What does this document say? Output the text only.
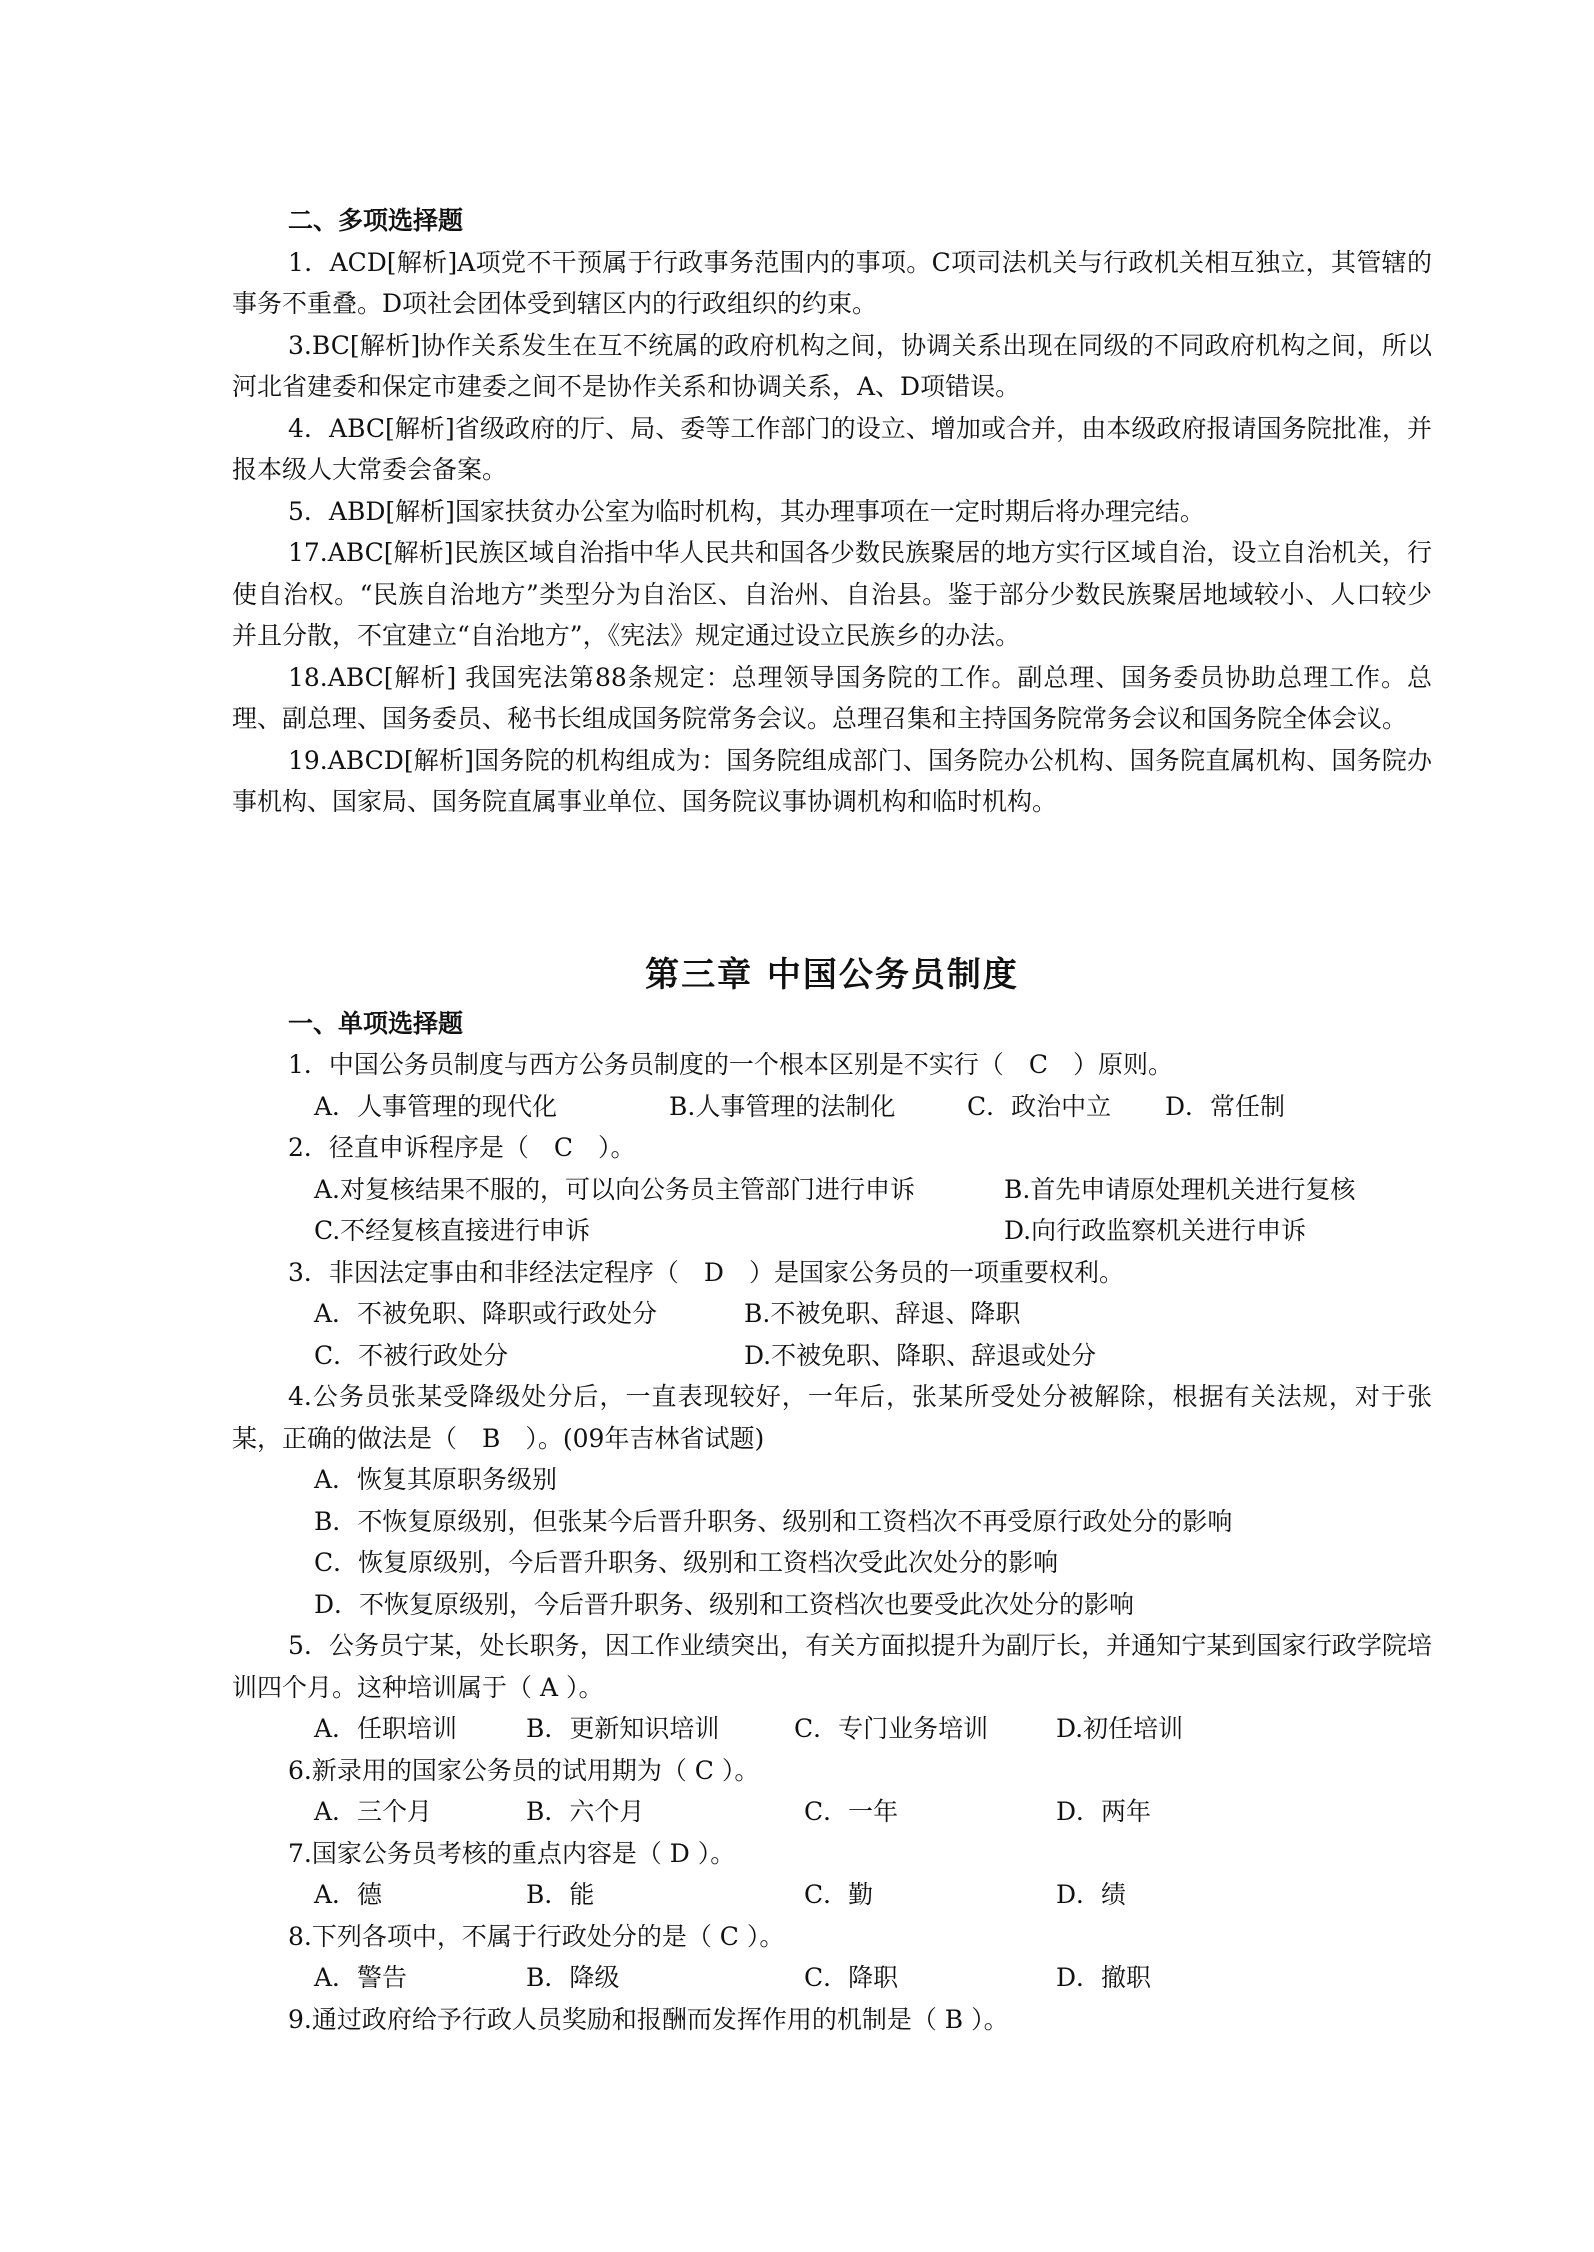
二、多项选择题
1．ACD[解析]A项党不干预属于行政事务范围内的事项。C项司法机关与行政机关相互独立，其管辖的事务不重叠。D项社会团体受到辖区内的行政组织的约束。
3.BC[解析]协作关系发生在互不统属的政府机构之间，协调关系出现在同级的不同政府机构之间，所以河北省建委和保定市建委之间不是协作关系和协调关系，A、D项错误。
4．ABC[解析]省级政府的厅、局、委等工作部门的设立、增加或合并，由本级政府报请国务院批准，并报本级人大常委会备案。
5．ABD[解析]国家扶贫办公室为临时机构，其办理事项在一定时期后将办理完结。
17.ABC[解析]民族区域自治指中华人民共和国各少数民族聚居的地方实行区域自治，设立自治机关，行使自治权。“民族自治地方”类型分为自治区、自治州、自治县。鉴于部分少数民族聚居地域较小、人口较少并且分散，不宜建立“自治地方”，《宪法》规定通过设立民族乡的办法。
18.ABC[解析] 我国宪法第88条规定：总理领导国务院的工作。副总理、国务委员协助总理工作。总理、副总理、国务委员、秘书长组成国务院常务会议。总理召集和主持国务院常务会议和国务院全体会议。
19.ABCD[解析]国务院的机构组成为：国务院组成部门、国务院办公机构、国务院直属机构、国务院办事机构、国家局、国务院直属事业单位、国务院议事协调机构和临时机构。
第三章 中国公务员制度
一、单项选择题
1．中国公务员制度与西方公务员制度的一个根本区别是不实行（　C　）原则。
A．人事管理的现代化	B.人事管理的法制化	C．政治中立	D．常任制
2．径直申诉程序是（　C　）。
A.对复核结果不服的，可以向公务员主管部门进行申诉	B.首先申请原处理机关进行复核
C.不经复核直接进行申诉	D.向行政监察机关进行申诉
3．非因法定事由和非经法定程序（　D　）是国家公务员的一项重要权利。
A．不被免职、降职或行政处分	B.不被免职、辞退、降职
C．不被行政处分	D.不被免职、降职、辞退或处分
4.公务员张某受降级处分后，一直表现较好，一年后，张某所受处分被解除，根据有关法规，对于张某，正确的做法是（　B　）。(09年吉林省试题)
A．恢复其原职务级别
B．不恢复原级别，但张某今后晋升职务、级别和工资档次不再受原行政处分的影响
C．恢复原级别，今后晋升职务、级别和工资档次受此次处分的影响
D．不恢复原级别，今后晋升职务、级别和工资档次也要受此次处分的影响
5．公务员宁某，处长职务，因工作业绩突出，有关方面拟提升为副厅长，并通知宁某到国家行政学院培训四个月。这种培训属于（ A ）。
A．任职培训	B．更新知识培训	C．专门业务培训	D.初任培训
6.新录用的国家公务员的试用期为（ C ）。
A．三个月	B．六个月	C．一年	D．两年
7.国家公务员考核的重点内容是（ D ）。
A．德	B．能	C．勤	D．绩
8.下列各项中，不属于行政处分的是（ C ）。
A．警告	B．降级	C．降职	D．撤职
9.通过政府给予行政人员奖励和报酬而发挥作用的机制是（ B ）。
